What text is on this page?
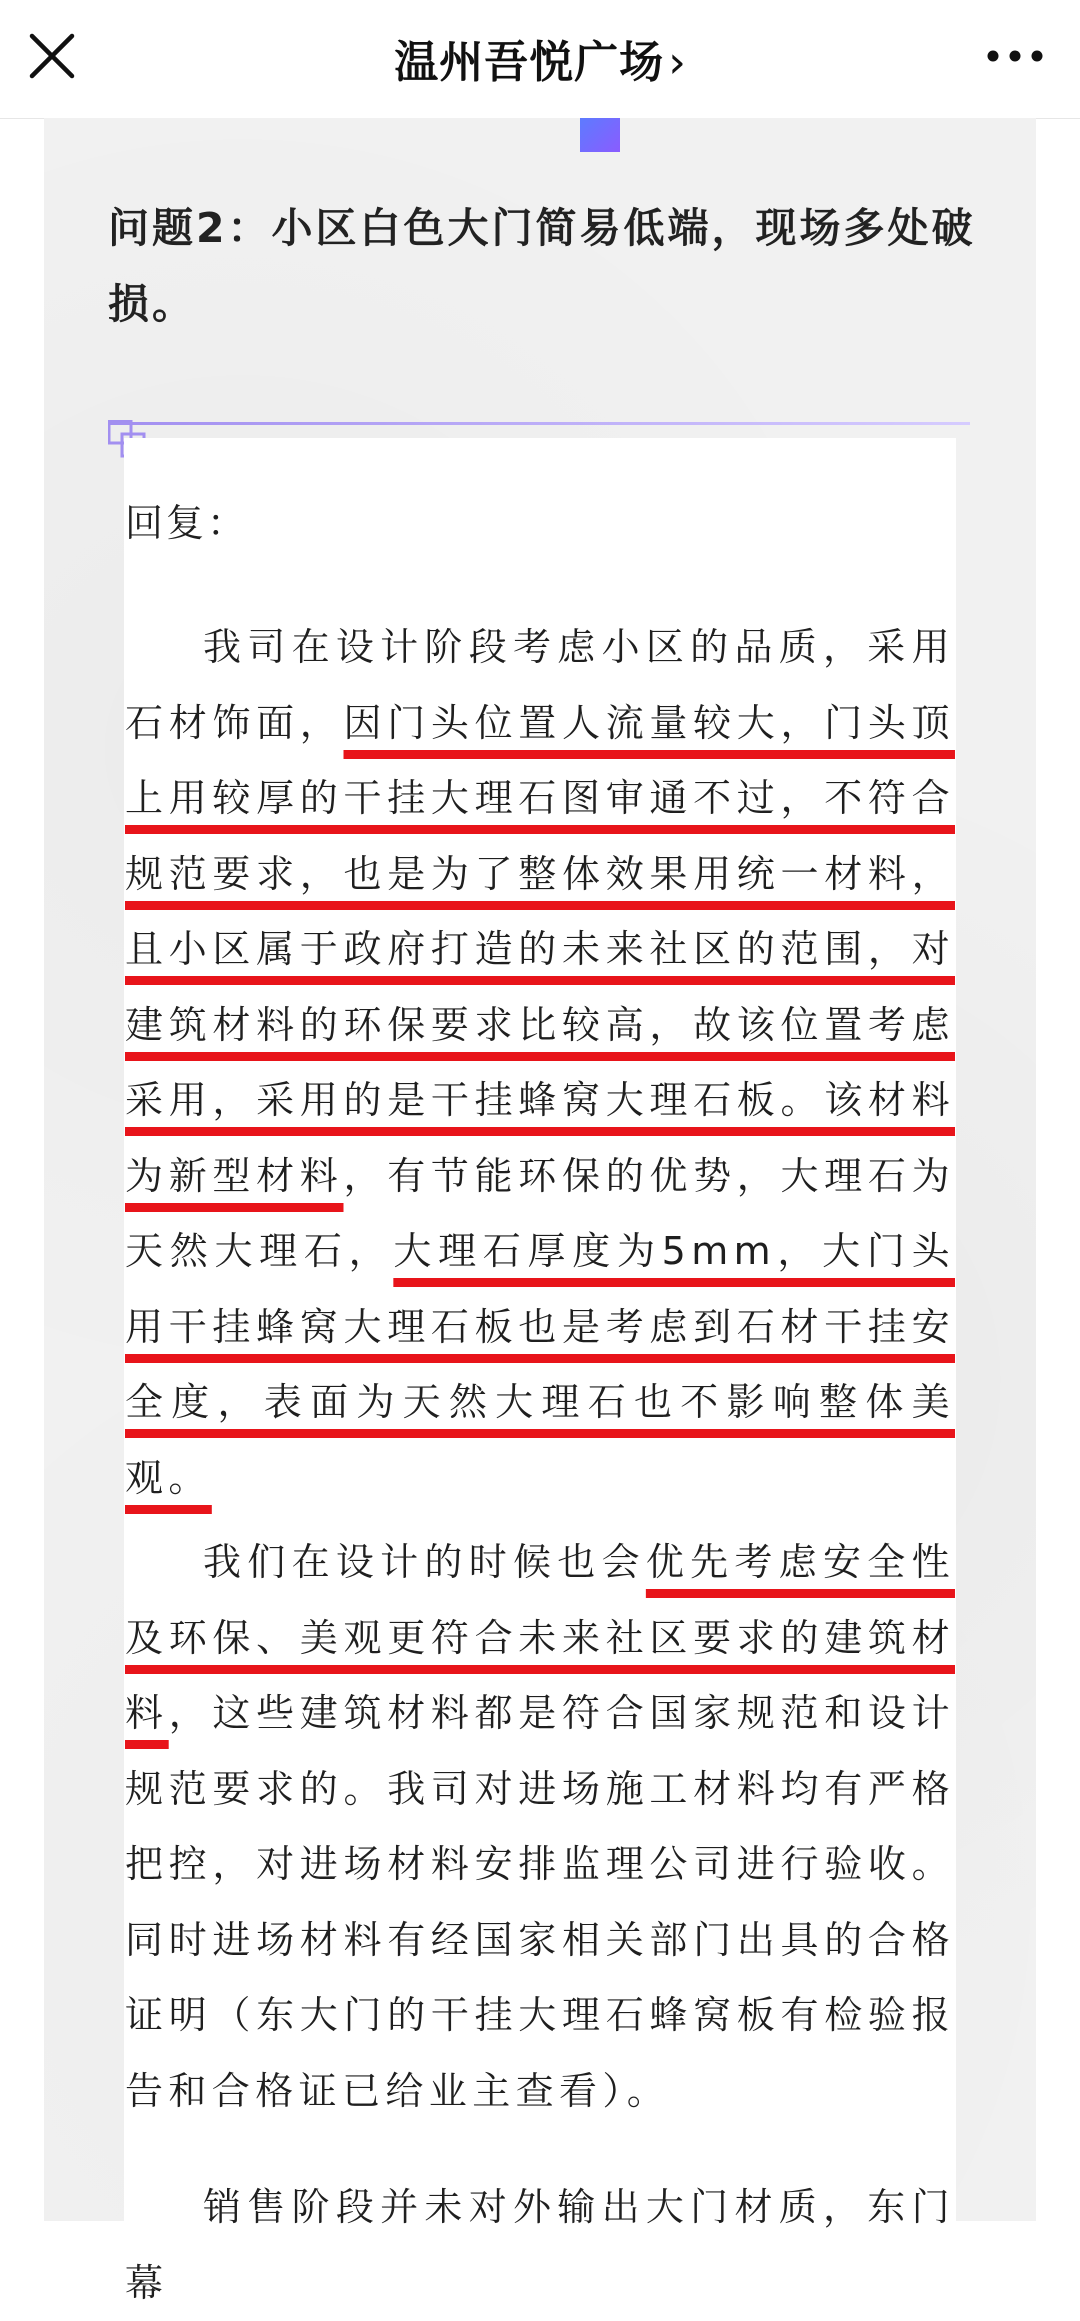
温州吾悦广场›
问题2：小区白色大门简易低端，现场多处破损。
回复：
我司在设计阶段考虑小区的品质，采用石材饰面，因门头位置人流量较大，门头顶上用较厚的干挂大理石图审通不过，不符合规范要求，也是为了整体效果用统一材料，且小区属于政府打造的未来社区的范围，对建筑材料的环保要求比较高，故该位置考虑采用，采用的是干挂蜂窝大理石板。该材料为新型材料，有节能环保的优势，大理石为天然大理石，大理石厚度为5mm，大门头用干挂蜂窝大理石板也是考虑到石材干挂安全度，表面为天然大理石也不影响整体美观。
我们在设计的时候也会优先考虑安全性及环保、美观更符合未来社区要求的建筑材料，这些建筑材料都是符合国家规范和设计规范要求的。我司对进场施工材料均有严格把控，对进场材料安排监理公司进行验收。同时进场材料有经国家相关部门出具的合格证明（东大门的干挂大理石蜂窝板有检验报告和合格证已给业主查看）。
销售阶段并未对外输出大门材质，东门幕
